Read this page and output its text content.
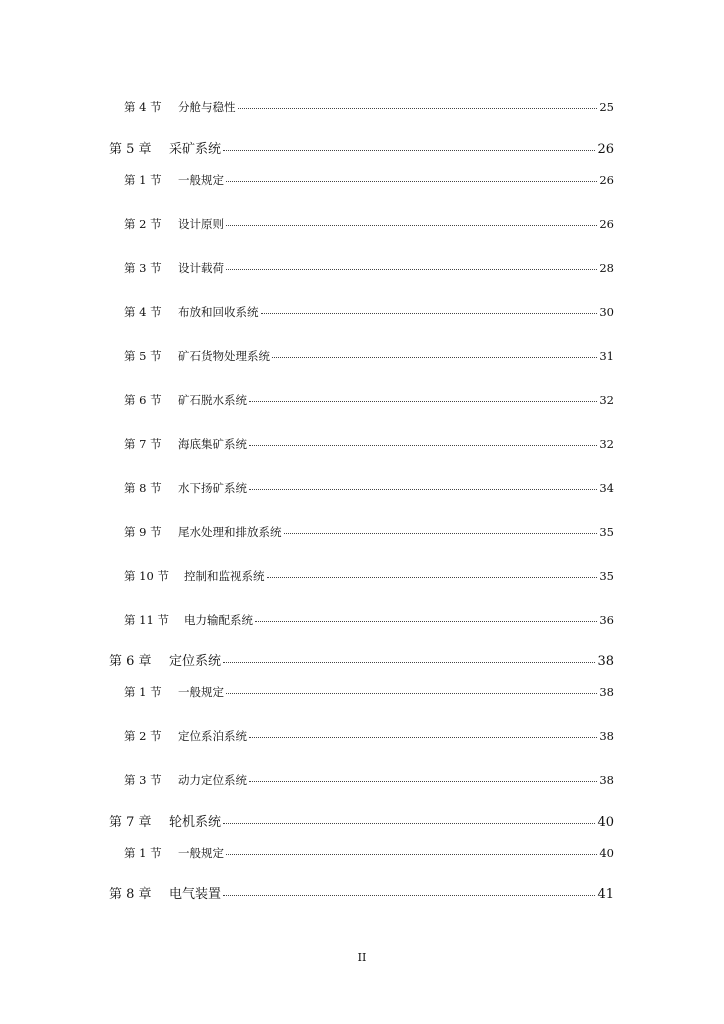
第 4 节	分舱与稳性	25
第 5 章	采矿系统	26
第 1 节	一般规定	26
第 2 节	设计原则	26
第 3 节	设计载荷	28
第 4 节	布放和回收系统	30
第 5 节	矿石货物处理系统	31
第 6 节	矿石脱水系统	32
第 7 节	海底集矿系统	32
第 8 节	水下扬矿系统	34
第 9 节	尾水处理和排放系统	35
第 10 节	控制和监视系统	35
第 11 节	电力输配系统	36
第 6 章	定位系统	38
第 1 节	一般规定	38
第 2 节	定位系泊系统	38
第 3 节	动力定位系统	38
第 7 章	轮机系统	40
第 1 节	一般规定	40
第 8 章	电气装置	41
II
